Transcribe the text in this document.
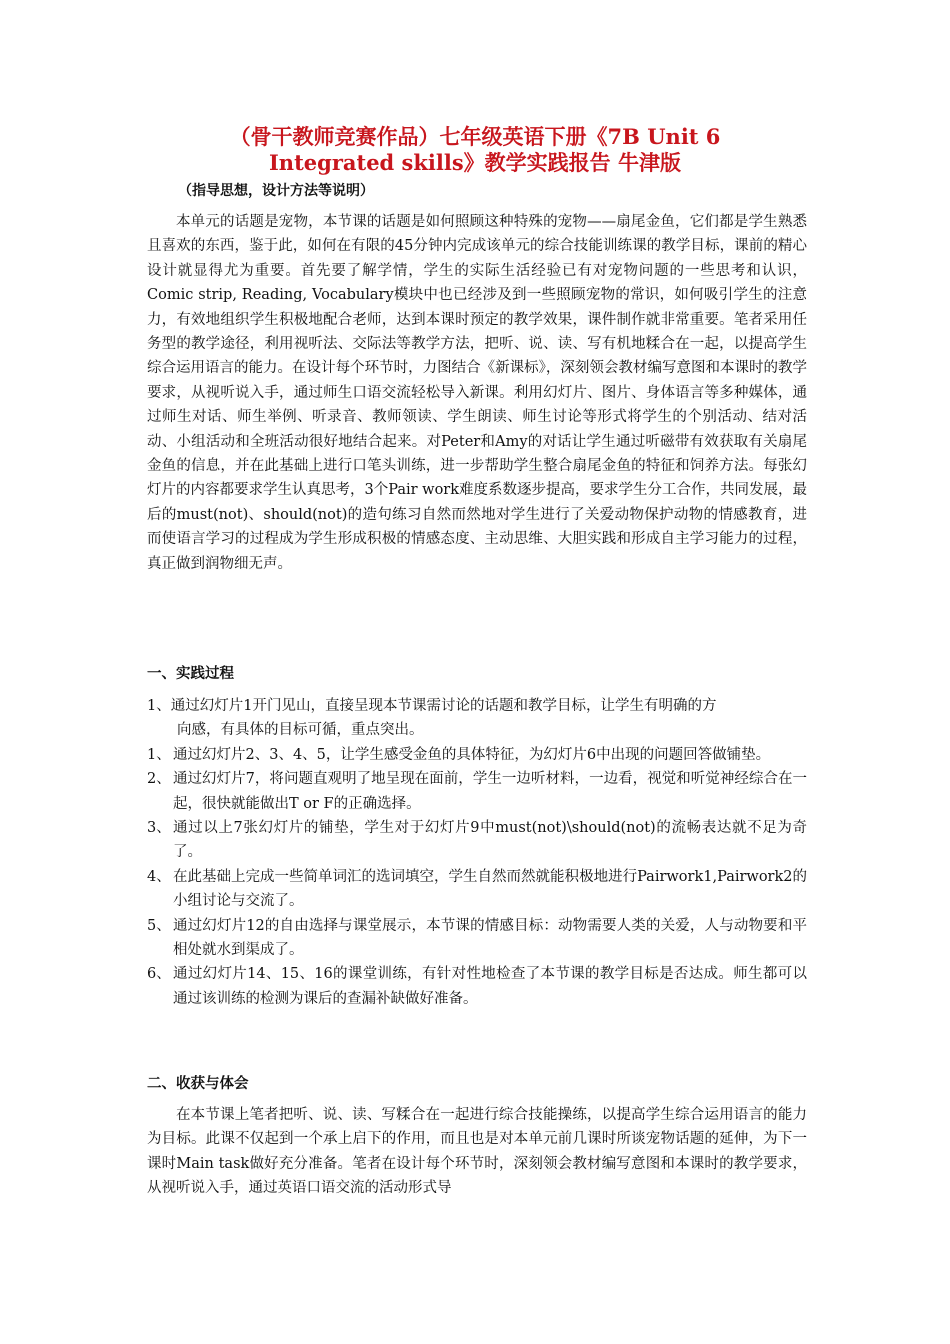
（骨干教师竞赛作品）七年级英语下册《7B Unit 6
Integrated skills》教学实践报告 牛津版

（指导思想，设计方法等说明）

本单元的话题是宠物，本节课的话题是如何照顾这种特殊的宠物——扇尾金鱼，它们都是学生熟悉且喜欢的东西，鉴于此，如何在有限的45分钟内完成该单元的综合技能训练课的教学目标，课前的精心设计就显得尤为重要。首先要了解学情，学生的实际生活经验已有对宠物问题的一些思考和认识，Comic strip, Reading, Vocabulary模块中也已经涉及到一些照顾宠物的常识，如何吸引学生的注意力，有效地组织学生积极地配合老师，达到本课时预定的教学效果，课件制作就非常重要。笔者采用任务型的教学途径，利用视听法、交际法等教学方法，把听、说、读、写有机地糅合在一起，以提高学生综合运用语言的能力。在设计每个环节时，力图结合《新课标》，深刻领会教材编写意图和本课时的教学要求，从视听说入手，通过师生口语交流轻松导入新课。利用幻灯片、图片、身体语言等多种媒体，通过师生对话、师生举例、听录音、教师领读、学生朗读、师生讨论等形式将学生的个别活动、结对活动、小组活动和全班活动很好地结合起来。对Peter和Amy的对话让学生通过听磁带有效获取有关扇尾金鱼的信息，并在此基础上进行口笔头训练，进一步帮助学生整合扇尾金鱼的特征和饲养方法。每张幻灯片的内容都要求学生认真思考，3个Pair work难度系数逐步提高，要求学生分工合作，共同发展，最后的must(not)、should(not)的造句练习自然而然地对学生进行了关爱动物保护动物的情感教育，进而使语言学习的过程成为学生形成积极的情感态度、主动思维、大胆实践和形成自主学习能力的过程，真正做到润物细无声。

一、实践过程

1、通过幻灯片1开门见山，直接呈现本节课需讨论的话题和教学目标，让学生有明确的方
向感，有具体的目标可循，重点突出。
1、 通过幻灯片2、3、4、5，让学生感受金鱼的具体特征，为幻灯片6中出现的问题回答做铺垫。
2、 通过幻灯片7，将问题直观明了地呈现在面前，学生一边听材料，一边看，视觉和听觉神经综合在一起，很快就能做出T or F的正确选择。
3、 通过以上7张幻灯片的铺垫，学生对于幻灯片9中must(not)\should(not)的流畅表达就不足为奇了。
4、 在此基础上完成一些简单词汇的选词填空，学生自然而然就能积极地进行Pairwork1,Pairwork2的小组讨论与交流了。
5、 通过幻灯片12的自由选择与课堂展示，本节课的情感目标：动物需要人类的关爱，人与动物要和平相处就水到渠成了。
6、 通过幻灯片14、15、16的课堂训练，有针对性地检查了本节课的教学目标是否达成。师生都可以通过该训练的检测为课后的查漏补缺做好准备。

二、收获与体会

在本节课上笔者把听、说、读、写糅合在一起进行综合技能操练，以提高学生综合运用语言的能力为目标。此课不仅起到一个承上启下的作用，而且也是对本单元前几课时所谈宠物话题的延伸，为下一课时Main task做好充分准备。笔者在设计每个环节时，深刻领会教材编写意图和本课时的教学要求，从视听说入手，通过英语口语交流的活动形式导
